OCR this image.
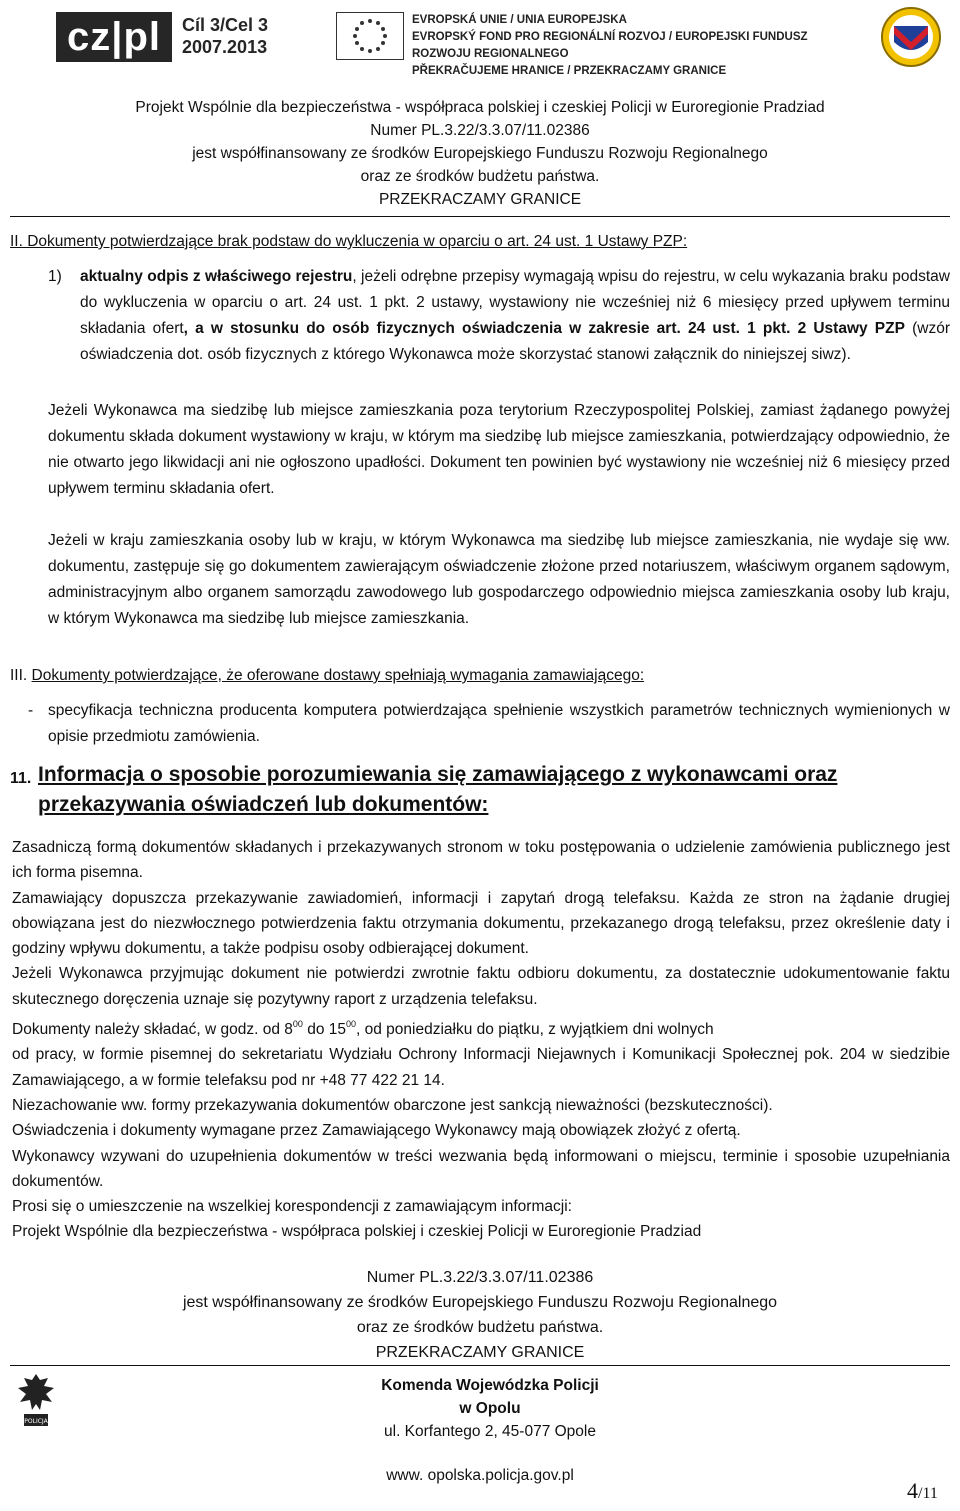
cz|pl	Cíl 3/Cel 3
2007.2013
EVROPSKÁ UNIE / UNIA EUROPEJSKA
EVROPSKÝ FOND PRO REGIONÁLNÍ ROZVOJ / EUROPEJSKI FUNDUSZ ROZWOJU REGIONALNEGO
PŘEKRAČUJEME HRANICE / PRZEKRACZAMY GRANICE
Projekt Wspólnie dla bezpieczeństwa - współpraca polskiej i czeskiej Policji w Euroregionie Pradziad
Numer PL.3.22/3.3.07/11.02386
jest współfinansowany ze środków Europejskiego Funduszu Rozwoju Regionalnego
oraz ze środków budżetu państwa.
PRZEKRACZAMY GRANICE
II. Dokumenty potwierdzające brak podstaw do wykluczenia w oparciu o art. 24 ust. 1 Ustawy PZP:
1) aktualny odpis z właściwego rejestru, jeżeli odrębne przepisy wymagają wpisu do rejestru, w celu wykazania braku podstaw do wykluczenia w oparciu o art. 24 ust. 1 pkt. 2 ustawy, wystawiony nie wcześniej niż 6 miesięcy przed upływem terminu składania ofert, a w stosunku do osób fizycznych oświadczenia w zakresie art. 24 ust. 1 pkt. 2 Ustawy PZP (wzór oświadczenia dot. osób fizycznych z którego Wykonawca może skorzystać stanowi załącznik do niniejszej siwz).
Jeżeli Wykonawca ma siedzibę lub miejsce zamieszkania poza terytorium Rzeczypospolitej Polskiej, zamiast żądanego powyżej dokumentu składa dokument wystawiony w kraju, w którym ma siedzibę lub miejsce zamieszkania, potwierdzający odpowiednio, że nie otwarto jego likwidacji ani nie ogłoszono upadłości. Dokument ten powinien być wystawiony nie wcześniej niż 6 miesięcy przed upływem terminu składania ofert.
Jeżeli w kraju zamieszkania osoby lub w kraju, w którym Wykonawca ma siedzibę lub miejsce zamieszkania, nie wydaje się ww. dokumentu, zastępuje się go dokumentem zawierającym oświadczenie złożone przed notariuszem, właściwym organem sądowym, administracyjnym albo organem samorządu zawodowego lub gospodarczego odpowiednio miejsca zamieszkania osoby lub kraju, w którym Wykonawca ma siedzibę lub miejsce zamieszkania.
III. Dokumenty potwierdzające, że oferowane dostawy spełniają wymagania zamawiającego:
- specyfikacja techniczna producenta komputera potwierdzająca spełnienie wszystkich parametrów technicznych wymienionych w opisie przedmiotu zamówienia.
11. Informacja o sposobie porozumiewania się zamawiającego z wykonawcami oraz przekazywania oświadczeń lub dokumentów:

Zasadniczą formą dokumentów składanych i przekazywanych stronom w toku postępowania o udzielenie zamówienia publicznego jest ich forma pisemna.

Zamawiający dopuszcza przekazywanie zawiadomień, informacji i zapytań drogą telefaksu. Każda ze stron na żądanie drugiej obowiązana jest do niezwłocznego potwierdzenia faktu otrzymania dokumentu, przekazanego drogą telefaksu, przez określenie daty i godziny wpływu dokumentu, a także podpisu osoby odbierającej dokument.

Jeżeli Wykonawca przyjmując dokument nie potwierdzi zwrotnie faktu odbioru dokumentu, za dostatecznie udokumentowanie faktu skutecznego doręczenia uznaje się pozytywny raport z urządzenia telefaksu.

Dokumenty należy składać, w godz. od $8^{00}$ do $15^{00}$, od poniedziałku do piątku, z wyjątkiem dni wolnych

od pracy, w formie pisemnej do sekretariatu Wydziału Ochrony Informacji Niejawnych i Komunikacji Społecznej pok. 204 w siedzibie Zamawiającego, a w formie telefaksu pod nr +48 77 422 21 14.

Niezachowanie ww. formy przekazywania dokumentów obarczone jest sankcją nieważności (bezskuteczności).

Oświadczenia i dokumenty wymagane przez Zamawiającego Wykonawcy mają obowiązek złożyć z ofertą.

Wykonawcy wzywani do uzupełnienia dokumentów w treści wezwania będą informowani o miejscu, terminie i sposobie uzupełniania dokumentów.

Prosi się o umieszczenie na wszelkiej korespondencji z zamawiającym informacji:

Projekt Wspólnie dla bezpieczeństwa - współpraca polskiej i czeskiej Policji w Euroregionie Pradziad

Numer PL.3.22/3.3.07/11.02386
jest współfinansowany ze środków Europejskiego Funduszu Rozwoju Regionalnego
oraz ze środków budżetu państwa.
PRZEKRACZAMY GRANICE
POLICJA
Komenda Wojewódzka Policji
w Opolu
ul. Korfantego 2, 45-077 Opole
www. opolska.policja.gov.pl
4/11
